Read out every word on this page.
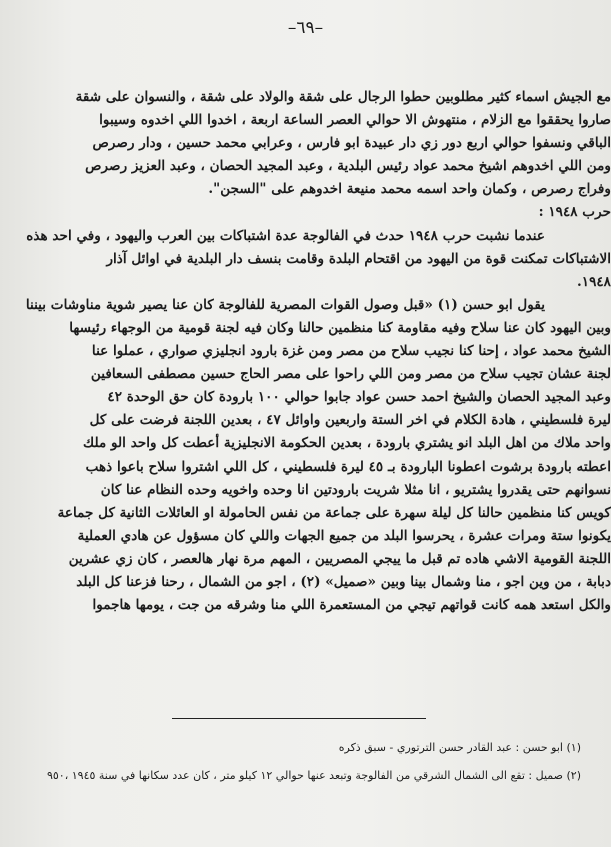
–٦٩–
مع الجيش اسماء كثير مطلوبين حطوا الرجال على شقة والولاد على شقة ، والنسوان على شقة
صاروا يحققوا مع الزلام ، منتهوش الا حوالي العصر الساعة اربعة ، اخدوا اللي اخدوه وسيبوا
الباقي ونسفوا حوالي اربع دور زي دار عبيدة ابو فارس ، وعرابي محمد حسين ، ودار رصرص
ومن اللي اخدوهم اشيخ محمد عواد رئيس البلدية ، وعبد المجيد الحصان ، وعبد العزيز رصرص
وفراج رصرص ، وكمان واحد اسمه محمد منيعة اخدوهم على "السجن".
حرب ١٩٤٨ :
عندما نشبت حرب ١٩٤٨ حدث في الفالوجة عدة اشتباكات بين العرب واليهود ، وفي احد هذه
الاشتباكات تمكنت قوة من اليهود من اقتحام البلدة وقامت بنسف دار البلدية في اوائل آذار
١٩٤٨.
يقول ابو حسن (١) «قبل وصول القوات المصرية للفالوجة كان عنا يصير شوية مناوشات بيننا
وبين اليهود كان عنا سلاح وفيه مقاومة كنا منظمين حالنا وكان فيه لجنة قومية من الوجهاء رئيسها
الشيخ محمد عواد ، إحنا كنا نجيب سلاح من مصر ومن غزة بارود انجليزي صواري ، عملوا عنا
لجنة عشان تجيب سلاح من مصر ومن اللي راحوا على مصر الحاج حسين مصطفى السعافين
وعبد المجيد الحصان والشيخ احمد حسن عواد جابوا حوالي ١٠٠ بارودة كان حق الوحدة ٤٢
ليرة فلسطيني ، هادة الكلام في اخر الستة واربعين واوائل ٤٧ ، بعدين اللجنة فرضت على كل
واحد ملاك من اهل البلد انو يشتري بارودة ، بعدين الحكومة الانجليزية أعطت كل واحد الو ملك
اعطته بارودة برشوت اعطونا البارودة بـ ٤٥ ليرة فلسطيني ، كل اللي اشتروا سلاح باعوا ذهب
نسوانهم حتى يقدروا يشتريو ، انا مثلا شريت بارودتين انا وحده واخويه وحده النظام عنا كان
كويس كنا منظمين حالنا كل ليلة سهرة على جماعة من نفس الحامولة او العائلات الثانية كل جماعة
يكونوا ستة ومرات عشرة ، يحرسوا البلد من جميع الجهات واللي كان مسؤول عن هادي العملية
اللجنة القومية الاشي هاده تم قبل ما ييجي المصريين ، المهم مرة نهار هالعصر ، كان زي عشرين
دبابة ، من وين اجو ، منا وشمال بينا وبين «صميل» (٢) ، اجو من الشمال ، رحنا فزعنا كل البلد
والكل استعد همه كانت قواتهم تيجي من المستعمرة اللي منا وشرقه من جت ، يومها هاجموا
(١) ابو حسن : عبد القادر حسن الترتوري - سبق ذكره
(٢) صميل : تقع الى الشمال الشرقي من الفالوجة وتبعد عنها حوالي ١٢ كيلو متر ، كان عدد سكانها في سنة ١٩٤٥ ،٩٥٠
